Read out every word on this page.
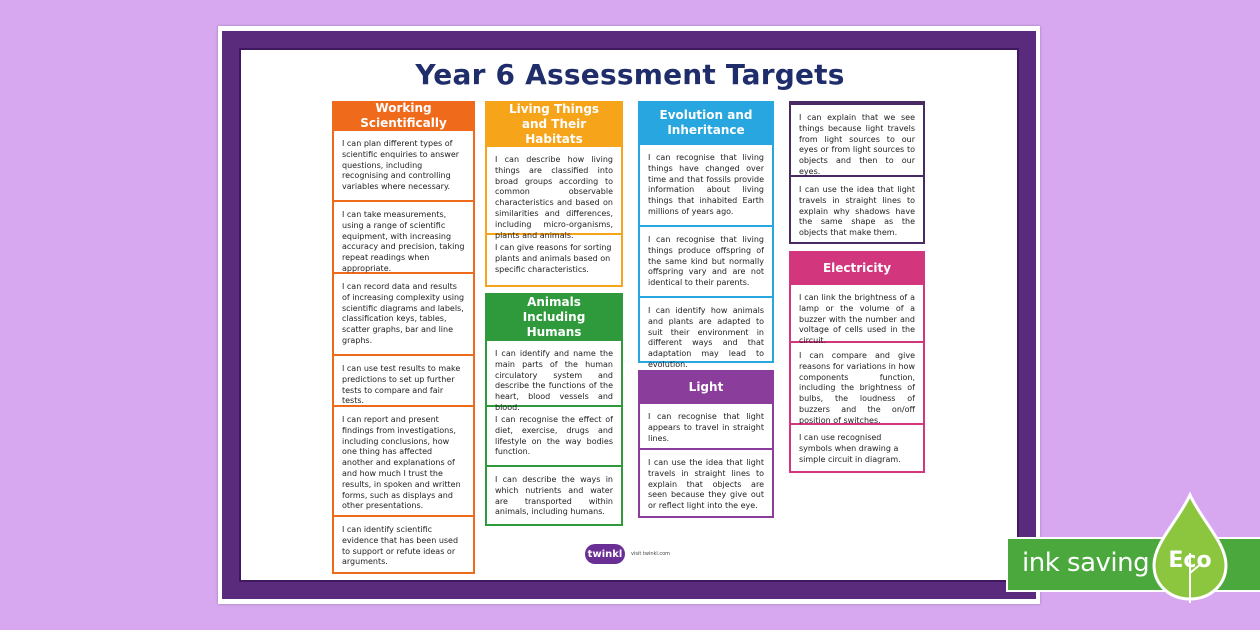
Year 6 Assessment Targets
Working Scientifically
I can plan different types of scientific enquiries to answer questions, including recognising and controlling variables where necessary.
I can take measurements, using a range of scientific equipment, with increasing accuracy and precision, taking repeat readings when appropriate.
I can record data and results of increasing complexity using scientific diagrams and labels, classification keys, tables, scatter graphs, bar and line graphs.
I can use test results to make predictions to set up further tests to compare and fair tests.
I can report and present findings from investigations, including conclusions, how one thing has affected another and explanations of and how much I trust the results, in spoken and written forms, such as displays and other presentations.
I can identify scientific evidence that has been used to support or refute ideas or arguments.
Living Things and Their Habitats
I can describe how living things are classified into broad groups according to common observable characteristics and based on similarities and differences, including micro-organisms, plants and animals.
I can give reasons for sorting plants and animals based on specific characteristics.
Animals Including Humans
I can identify and name the main parts of the human circulatory system and describe the functions of the heart, blood vessels and blood.
I can recognise the effect of diet, exercise, drugs and lifestyle on the way bodies function.
I can describe the ways in which nutrients and water are transported within animals, including humans.
Evolution and Inheritance
I can recognise that living things have changed over time and that fossils provide information about living things that inhabited Earth millions of years ago.
I can recognise that living things produce offspring of the same kind but normally offspring vary and are not identical to their parents.
I can identify how animals and plants are adapted to suit their environment in different ways and that adaptation may lead to evolution.
Light
I can recognise that light appears to travel in straight lines.
I can use the idea that light travels in straight lines to explain that objects are seen because they give out or reflect light into the eye.
I can explain that we see things because light travels from light sources to our eyes or from light sources to objects and then to our eyes.
I can use the idea that light travels in straight lines to explain why shadows have the same shape as the objects that make them.
Electricity
I can link the brightness of a lamp or the volume of a buzzer with the number and voltage of cells used in the circuit.
I can compare and give reasons for variations in how components function, including the brightness of bulbs, the loudness of buzzers and the on/off position of switches.
I can use recognised symbols when drawing a simple circuit in diagram.
twinkl	visit twinkl.com	ink saving Eco
